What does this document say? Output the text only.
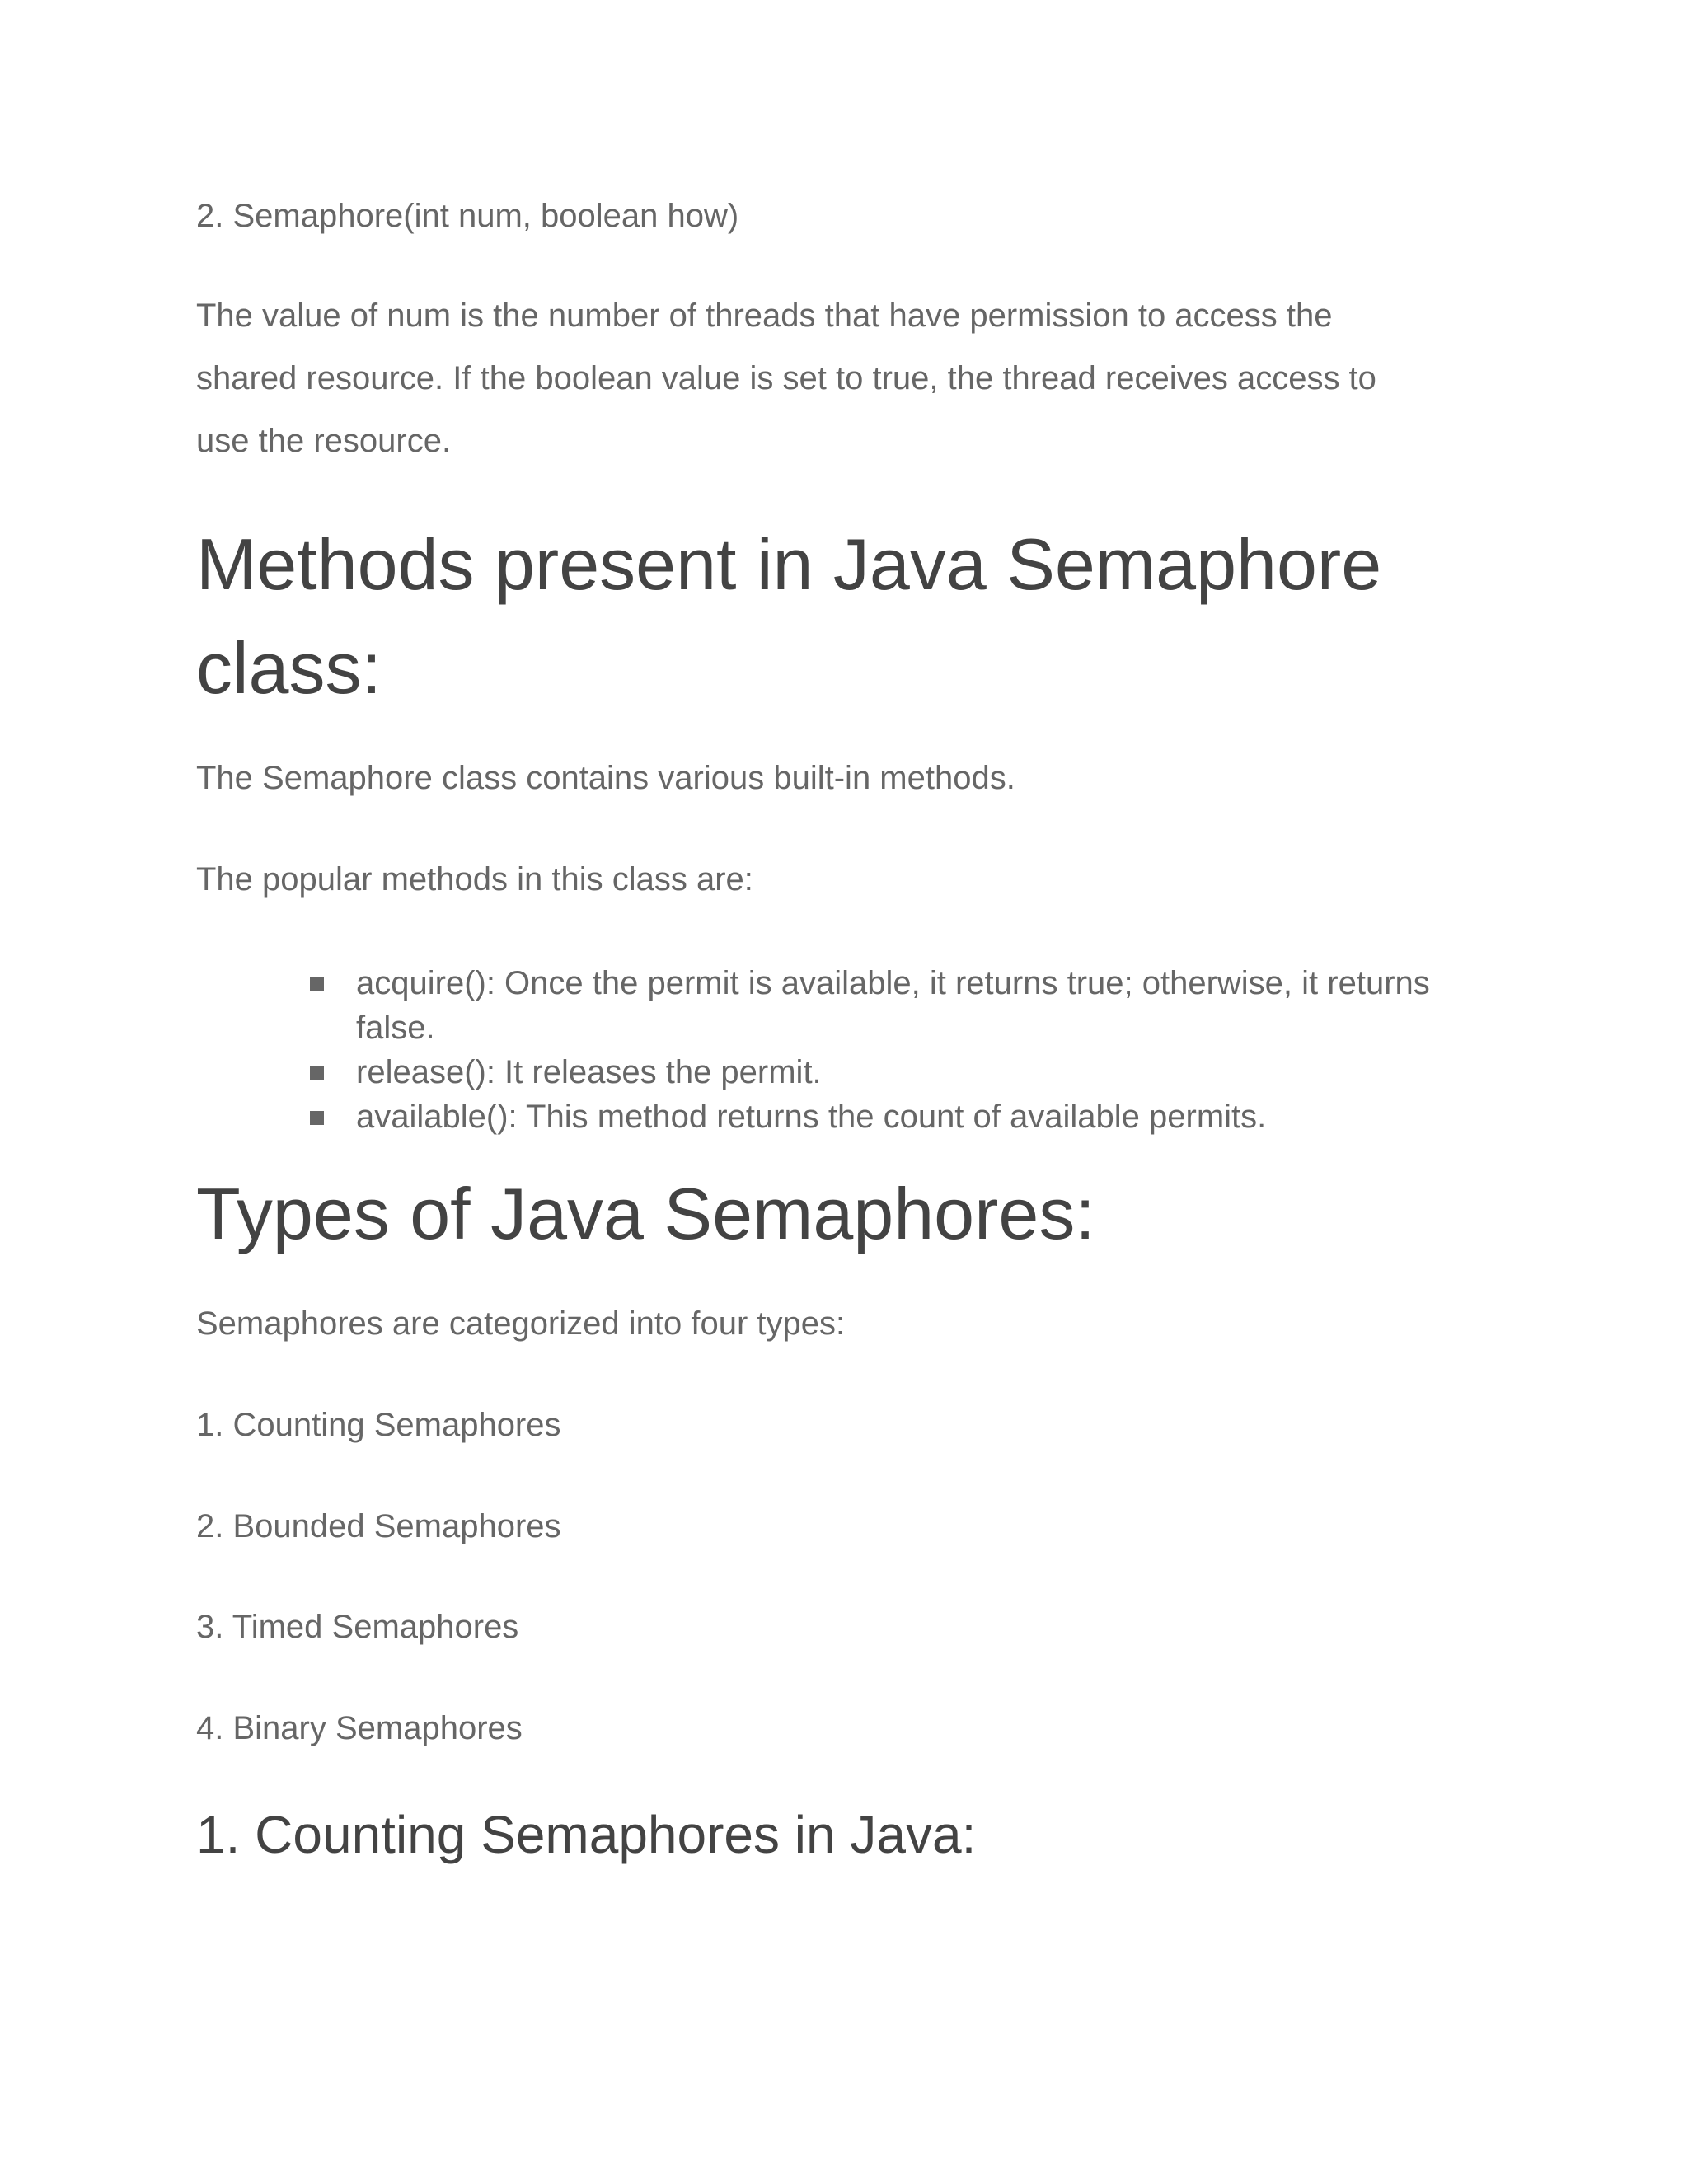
2. Semaphore(int num, boolean how)

The value of num is the number of threads that have permission to access the
shared resource. If the boolean value is set to true, the thread receives access to
use the resource.

Methods present in Java Semaphore
class:

The Semaphore class contains various built-in methods.

The popular methods in this class are:

acquire(): Once the permit is available, it returns true; otherwise, it returns
false.
release(): It releases the permit.
available(): This method returns the count of available permits.
Types of Java Semaphores:

Semaphores are categorized into four types:

1. Counting Semaphores

2. Bounded Semaphores

3. Timed Semaphores

4. Binary Semaphores

1. Counting Semaphores in Java:
